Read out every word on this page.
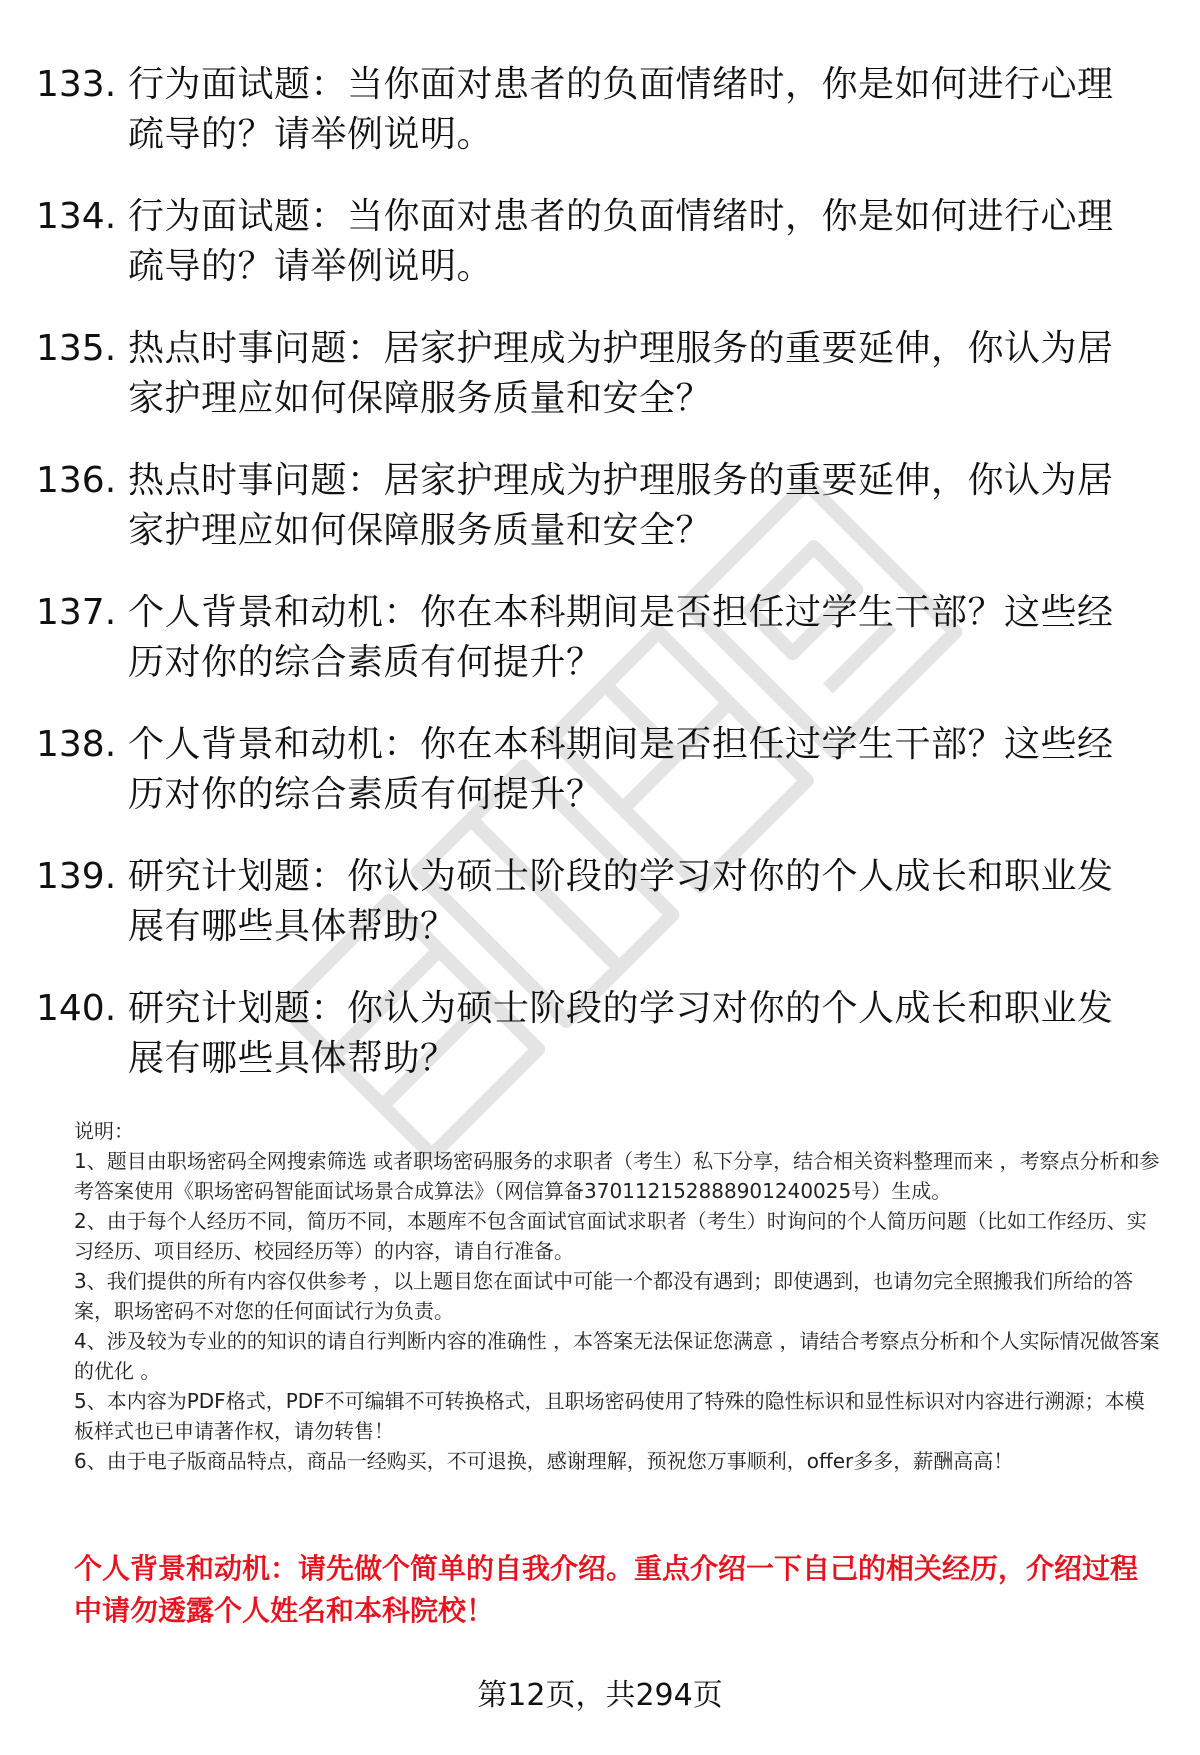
133. 行为面试题：当你面对患者的负面情绪时，你是如何进行心理疏导的？请举例说明。
134. 行为面试题：当你面对患者的负面情绪时，你是如何进行心理疏导的？请举例说明。
135. 热点时事问题：居家护理成为护理服务的重要延伸，你认为居家护理应如何保障服务质量和安全？
136. 热点时事问题：居家护理成为护理服务的重要延伸，你认为居家护理应如何保障服务质量和安全？
137. 个人背景和动机：你在本科期间是否担任过学生干部？这些经历对你的综合素质有何提升？
138. 个人背景和动机：你在本科期间是否担任过学生干部？这些经历对你的综合素质有何提升？
139. 研究计划题：你认为硕士阶段的学习对你的个人成长和职业发展有哪些具体帮助？
140. 研究计划题：你认为硕士阶段的学习对你的个人成长和职业发展有哪些具体帮助？

说明：

1、题目由职场密码全网搜索筛选 或者职场密码服务的求职者（考生）私下分享，结合相关资料整理而来 ，考察点分析和参考答案使用《职场密码智能面试场景合成算法》（网信算备370112152888901240025号）生成。

2、由于每个人经历不同，简历不同，本题库不包含面试官面试求职者（考生）时询问的个人简历问题（比如工作经历、实习经历、项目经历、校园经历等）的内容，请自行准备。

3、我们提供的所有内容仅供参考 ，以上题目您在面试中可能一个都没有遇到；即使遇到，也请勿完全照搬我们所给的答案，职场密码不对您的任何面试行为负责。

4、涉及较为专业的的知识的请自行判断内容的准确性 ，本答案无法保证您满意 ，请结合考察点分析和个人实际情况做答案的优化 。

5、本内容为PDF格式，PDF不可编辑不可转换格式，且职场密码使用了特殊的隐性标识和显性标识对内容进行溯源；本模板样式也已申请著作权，请勿转售！

6、由于电子版商品特点，商品一经购买，不可退换，感谢理解，预祝您万事顺利，offer多多，薪酬高高！

个人背景和动机：请先做个简单的自我介绍。重点介绍一下自己的相关经历，介绍过程中请勿透露个人姓名和本科院校！
第12页，共294页
